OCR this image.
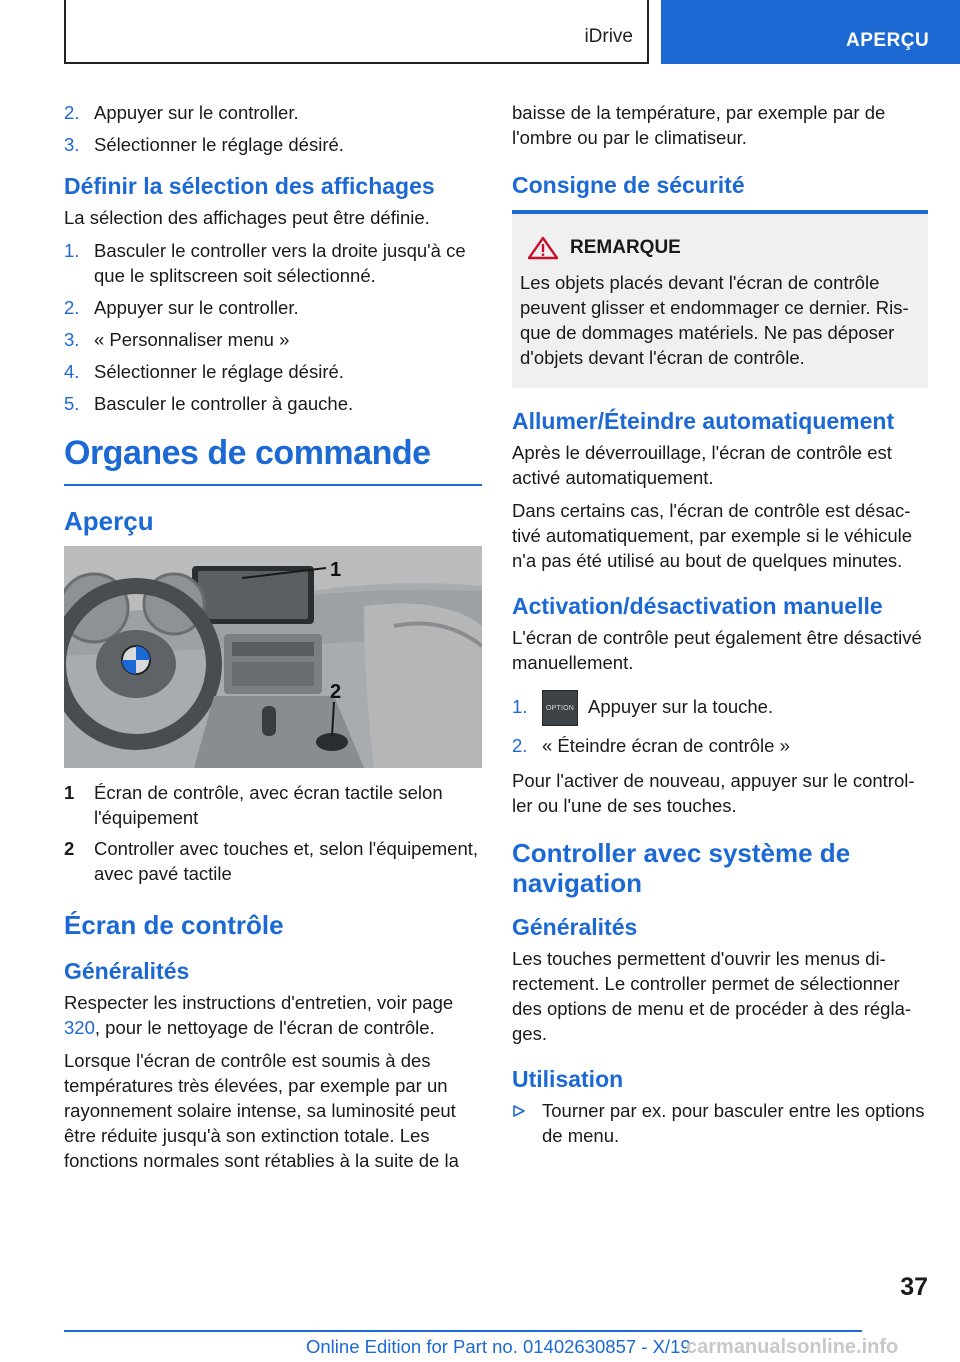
iDrive	APERÇU
2. Appuyer sur le controller.
3. Sélectionner le réglage désiré.
Définir la sélection des affichages

La sélection des affichages peut être définie.

1. Basculer le controller vers la droite jusqu'à ce que le splitscreen soit sélectionné.
2. Appuyer sur le controller.
3. « Personnaliser menu »
4. Sélectionner le réglage désiré.
5. Basculer le controller à gauche.
Organes de commande
Aperçu
1
2
1	Écran de contrôle, avec écran tactile selon l'équipement
2	Controller avec touches et, selon l'équipement, avec pavé tactile
Écran de contrôle
Généralités

Respecter les instructions d'entretien, voir page 320, pour le nettoyage de l'écran de contrôle.

Lorsque l'écran de contrôle est soumis à des températures très élevées, par exemple par un rayonnement solaire intense, sa luminosité peut être réduite jusqu'à son extinction totale. Les fonctions normales sont rétablies à la suite de la

baisse de la température, par exemple par de l'ombre ou par le climatiseur.

Consigne de sécurité
REMARQUE

Les objets placés devant l'écran de contrôle peuvent glisser et endommager ce dernier. Risque de dommages matériels. Ne pas déposer d'objets devant l'écran de contrôle.

Allumer/Éteindre automatiquement

Après le déverrouillage, l'écran de contrôle est activé automatiquement.

Dans certains cas, l'écran de contrôle est désactivé automatiquement, par exemple si le véhicule n'a pas été utilisé au bout de quelques minutes.

Activation/désactivation manuelle

L'écran de contrôle peut également être désactivé manuellement.

1.	OPTION Appuyer sur la touche.
2. « Éteindre écran de contrôle »

Pour l'activer de nouveau, appuyer sur le controller ou l'une de ses touches.

Controller avec système de navigation
Généralités

Les touches permettent d'ouvrir les menus directement. Le controller permet de sélectionner des options de menu et de procéder à des réglages.

Utilisation
Tourner par ex. pour basculer entre les options de menu.
37
Online Edition for Part no. 01402630857 - X/19
carmanualsonline.info
